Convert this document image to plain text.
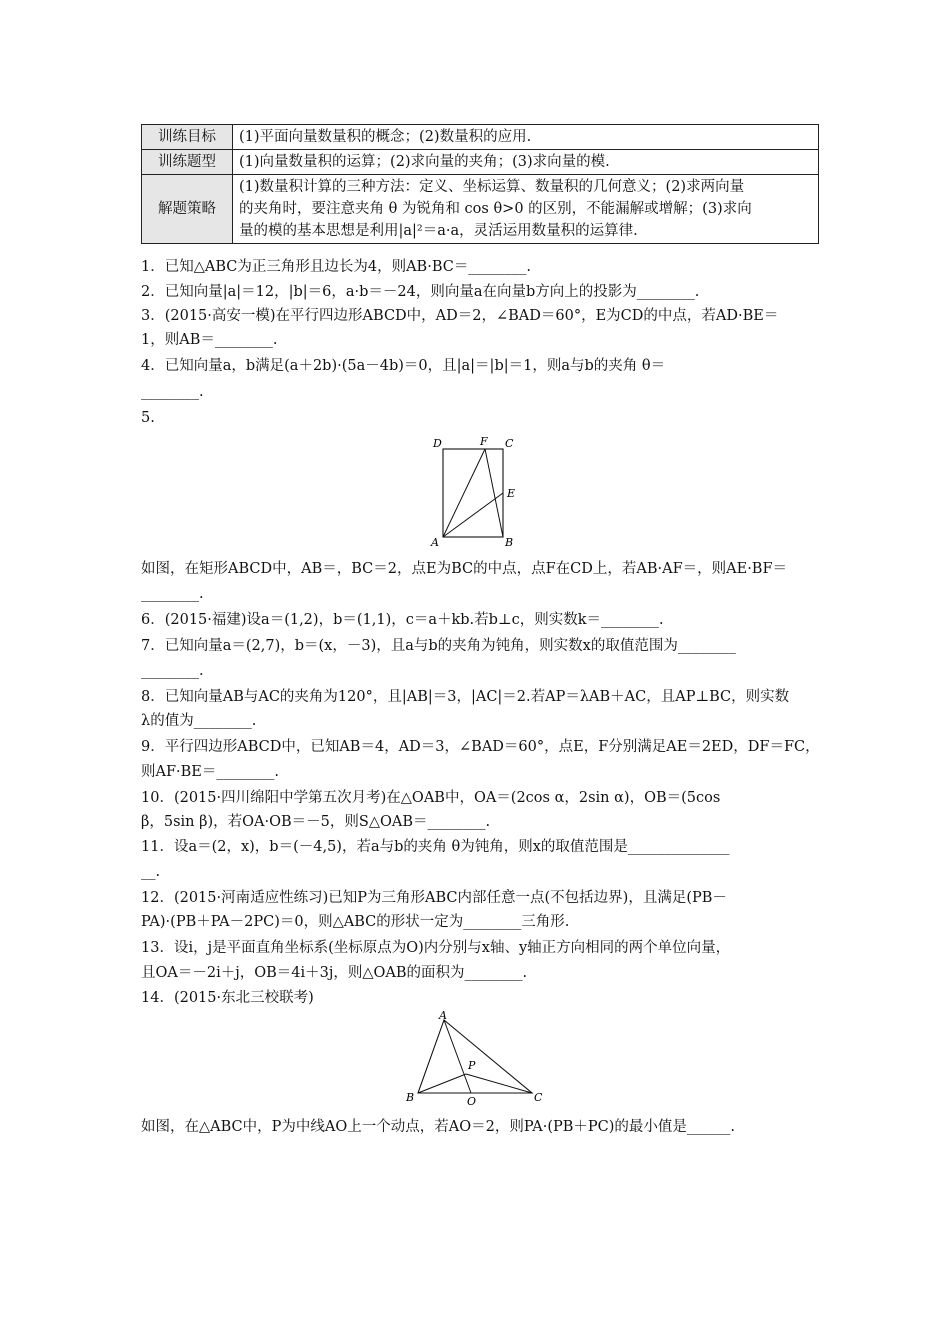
训练目标	(1)平面向量数量积的概念；(2)数量积的应用.
训练题型	(1)向量数量积的运算；(2)求向量的夹角；(3)求向量的模.
解题策略	(1)数量积计算的三种方法：定义、坐标运算、数量积的几何意义；(2)求两向量
的夹角时，要注意夹角 θ 为锐角和 cos θ>0 的区别，不能漏解或增解；(3)求向
量的模的基本思想是利用|a|²＝a·a，灵活运用数量积的运算律.
1．已知△ABC为正三角形且边长为4，则AB·BC＝________.
2．已知向量|a|＝12，|b|＝6，a·b＝－24，则向量a在向量b方向上的投影为________.
3．(2015·高安一模)在平行四边形ABCD中，AD＝2，∠BAD＝60°，E为CD的中点，若AD·BE＝
1，则AB＝________.
4．已知向量a，b满足(a＋2b)·(5a－4b)＝0，且|a|＝|b|＝1，则a与b的夹角 θ＝
________.
5.
D	F C
E
A	B
如图，在矩形ABCD中，AB＝，BC＝2，点E为BC的中点，点F在CD上，若AB·AF＝，则AE·BF＝
________.
6．(2015·福建)设a＝(1,2)，b＝(1,1)，c＝a＋kb.若b⊥c，则实数k＝________.
7．已知向量a＝(2,7)，b＝(x，－3)，且a与b的夹角为钝角，则实数x的取值范围为________
________.
8．已知向量AB与AC的夹角为120°，且|AB|＝3，|AC|＝2.若AP＝λAB＋AC，且AP⊥BC，则实数
λ的值为________.
9．平行四边形ABCD中，已知AB＝4，AD＝3，∠BAD＝60°，点E，F分别满足AE＝2ED，DF＝FC，
则AF·BE＝________.
10．(2015·四川绵阳中学第五次月考)在△OAB中，OA＝(2cos α，2sin α)，OB＝(5cos
β，5sin β)，若OA·OB＝－5，则S△OAB＝________.
11．设a＝(2，x)，b＝(－4,5)，若a与b的夹角 θ为钝角，则x的取值范围是______________
__.
12．(2015·河南适应性练习)已知P为三角形ABC内部任意一点(不包括边界)，且满足(PB－
PA)·(PB＋PA－2PC)＝0，则△ABC的形状一定为________三角形.
13．设i，j是平面直角坐标系(坐标原点为O)内分别与x轴、y轴正方向相同的两个单位向量，
且OA＝－2i＋j，OB＝4i＋3j，则△OAB的面积为________.
14．(2015·东北三校联考)
A
P
B	O	C
如图，在△ABC中，P为中线AO上一个动点，若AO＝2，则PA·(PB＋PC)的最小值是______.
